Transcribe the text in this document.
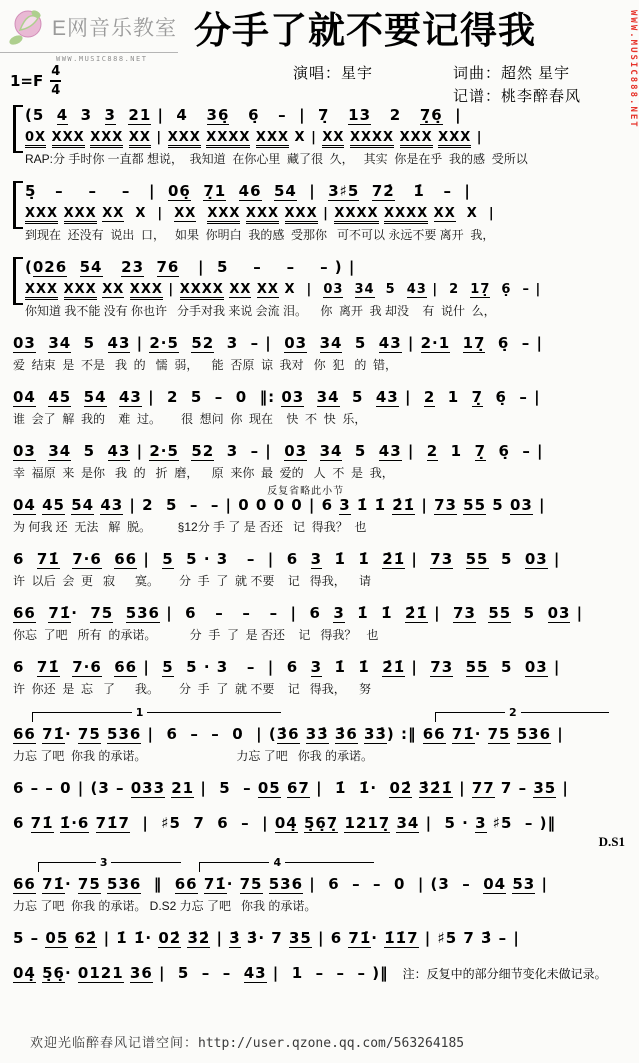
E网音乐教室
WWW.MUSIC888.NET
1=F
4
4
分手了就不要记得我
演唱：星宇	词曲：超然 星宇
记谱：桃李醉春风	WWW.MUSIC888.NET
(5  4  3  3 21 |  4   36̣   6̣   –  |  7̣   13   2   7̣6̣  |
0X XXX XXX XX | XXX XXXX XXX X | XX XXXX XXX XXX |
RAP:分 手时你 一直都 想说，  我知道  在你心里  藏了很  久，   其实  你是在乎  我的感  受所以
5̣   –    –    –   |  06̣ 7̣1 46 54  |  3♯5 72̇   1̇   –  |
XXX XXX XX  X  |  XX XXX XXX XXX | XXXX XXXX XX  X  |
到现在  还没有  说出  口，   如果  你明白  我的感  受那你   可不可以 永远不要 离开  我，
(026 54 23 76   |  5    –    –    – ) |
XXX XXX XX XXX | XXXX XX XX X  |  03 34  5  43 |  2  17̣  6̣  – |
你知道 我不能 没有 你也许   分手对我 来说 会流 泪。    你  离开  我 却没    有  说什  么，
03 34  5  43 | 2·5 52  3  – |  03 34  5  43 | 2·1 17̣  6̣  – |
爱  结束  是  不是   我  的   懦  弱，    能  否原  谅  我对   你  犯   的  错，
04 45 54 43 |  2  5  –  0  ‖: 03 34  5  43 |  2  1  7̣  6̣  – |
谁  会了  解  我的    难  过。      很  想问  你  现在    快  不  快  乐，
03 34  5  43 | 2·5 52  3  – |  03 34  5  43 |  2  1  7̣  6̣  – |
幸  福原  来  是你   我  的   折  磨，    原  来你  最  爱的   人  不  是  我，
反复省略此小节
04 45 54 43 | 2  5  –  – | 0 0 0 0 | 6 3 1̇ 1̇ 2̇1̇ | 73 55 5 03 |
为 何我 还  无法   解  脱。        §12分 手 了 是 否还   记  得我？  也
6  71̇ 7·6 66 |  5  5 · 3   –  |  6  3  1̇  1̇  2̇1̇ |  73 55  5  03 |
许  以后  会  更   寂      寞。      分  手  了  就 不要    记   得我，    请
66 71̇·  75 536 |  6   –   –   –  |  6  3  1̇  1̇  2̇1̇ |  73 55  5  03 |
你忘  了吧   所有  的承诺。          分  手  了  是 否还    记   得我？   也
6  71̇ 7·6 66 |  5  5 · 3   –  |  6  3  1̇  1̇  2̇1̇ |  73 55  5  03 |
许  你还  是  忘   了      我。      分  手  了  就 不要    记   得我，    努
1	2
66 71̇· 75 536 |  6  –  –  0  | (3̇6 33̇ 3̇6 33̇) :‖ 66 71̇· 75 536 |
力忘 了吧  你我 的承诺。                           力忘 了吧   你我 的承诺。
6 – – 0 | (3 – 033 21 |  5  – 05 67 |  1̇  1̇·  02̇ 3̇2̇1̇ | 77 7 – 35 |
6 71̇ 1̇·6 71̇7  |  ♯5  7  6  –  | 04̣ 5̣6̣7̣ 1217̣ 34 |  5 · 3 ♯5  – )‖
D.S1
3	4
66 71̇· 75 536  ‖  66 71̇· 75 536 |  6  –  –  0  | (3  –  04 53 |
力忘 了吧  你我 的承诺。 D.S2 力忘 了吧   你我 的承诺。
5 – 05 62̇ | 1̇ 1̇· 02̇ 3̇2̇ | 3̇ 3̇· 7 35 | 6 71̇· 1̇1̇7 | ♯5 7 3̇ – |
04̣ 5̣6̣· 0121 36 |  5  –  –  43 |  1  –  –  – )‖ 注：反复中的部分细节变化未做记录。
欢迎光临醉春风记谱空间：http://user.qzone.qq.com/563264185
